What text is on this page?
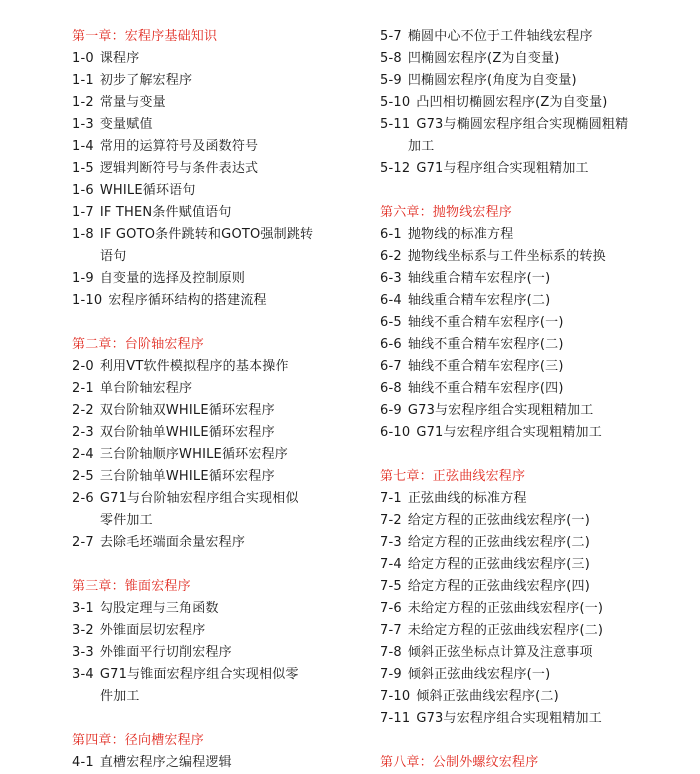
第一章：宏程序基础知识
1-0 课程序
1-1 初步了解宏程序
1-2 常量与变量
1-3 变量赋值
1-4 常用的运算符号及函数符号
1-5 逻辑判断符号与条件表达式
1-6 WHILE循环语句
1-7 IF THEN条件赋值语句
1-8 IF GOTO条件跳转和GOTO强制跳转
语句
1-9 自变量的选择及控制原则
1-10 宏程序循环结构的搭建流程
第二章：台阶轴宏程序
2-0 利用VT软件模拟程序的基本操作
2-1 单台阶轴宏程序
2-2 双台阶轴双WHILE循环宏程序
2-3 双台阶轴单WHILE循环宏程序
2-4 三台阶轴顺序WHILE循环宏程序
2-5 三台阶轴单WHILE循环宏程序
2-6 G71与台阶轴宏程序组合实现相似
零件加工
2-7 去除毛坯端面余量宏程序
第三章：锥面宏程序
3-1 勾股定理与三角函数
3-2 外锥面层切宏程序
3-3 外锥面平行切削宏程序
3-4 G71与锥面宏程序组合实现相似零
件加工
第四章：径向槽宏程序
4-1 直槽宏程序之编程逻辑
5-7 椭圆中心不位于工件轴线宏程序
5-8 凹椭圆宏程序(Z为自变量)
5-9 凹椭圆宏程序(角度为自变量)
5-10 凸凹相切椭圆宏程序(Z为自变量)
5-11 G73与椭圆宏程序组合实现椭圆粗精
加工
5-12 G71与程序组合实现粗精加工
第六章：抛物线宏程序
6-1 抛物线的标准方程
6-2 抛物线坐标系与工件坐标系的转换
6-3 轴线重合精车宏程序(一)
6-4 轴线重合精车宏程序(二)
6-5 轴线不重合精车宏程序(一)
6-6 轴线不重合精车宏程序(二)
6-7 轴线不重合精车宏程序(三)
6-8 轴线不重合精车宏程序(四)
6-9 G73与宏程序组合实现粗精加工
6-10 G71与宏程序组合实现粗精加工
第七章：正弦曲线宏程序
7-1 正弦曲线的标准方程
7-2 给定方程的正弦曲线宏程序(一)
7-3 给定方程的正弦曲线宏程序(二)
7-4 给定方程的正弦曲线宏程序(三)
7-5 给定方程的正弦曲线宏程序(四)
7-6 未给定方程的正弦曲线宏程序(一)
7-7 未给定方程的正弦曲线宏程序(二)
7-8 倾斜正弦坐标点计算及注意事项
7-9 倾斜正弦曲线宏程序(一)
7-10 倾斜正弦曲线宏程序(二)
7-11 G73与宏程序组合实现粗精加工
第八章：公制外螺纹宏程序
